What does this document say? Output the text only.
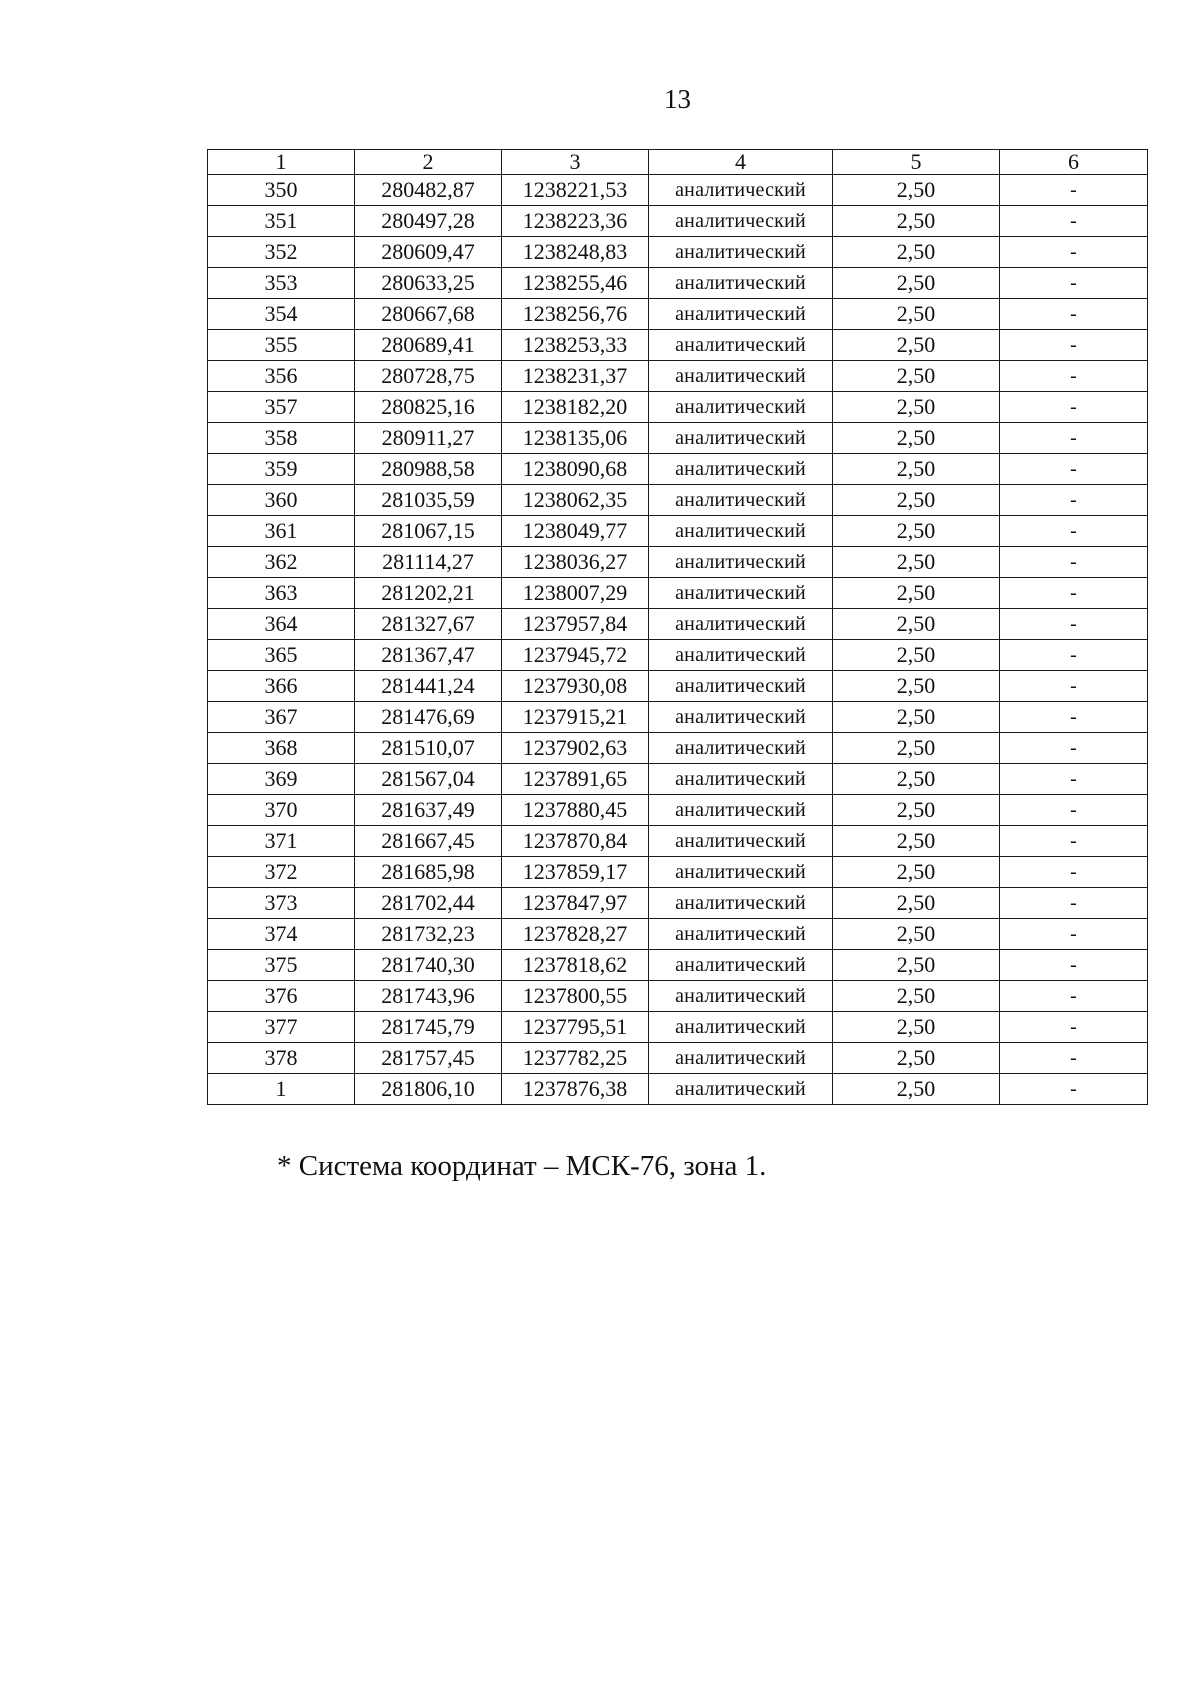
13
1	2	3	4	5	6
350	280482,87	1238221,53	аналитический	2,50	-
351	280497,28	1238223,36	аналитический	2,50	-
352	280609,47	1238248,83	аналитический	2,50	-
353	280633,25	1238255,46	аналитический	2,50	-
354	280667,68	1238256,76	аналитический	2,50	-
355	280689,41	1238253,33	аналитический	2,50	-
356	280728,75	1238231,37	аналитический	2,50	-
357	280825,16	1238182,20	аналитический	2,50	-
358	280911,27	1238135,06	аналитический	2,50	-
359	280988,58	1238090,68	аналитический	2,50	-
360	281035,59	1238062,35	аналитический	2,50	-
361	281067,15	1238049,77	аналитический	2,50	-
362	281114,27	1238036,27	аналитический	2,50	-
363	281202,21	1238007,29	аналитический	2,50	-
364	281327,67	1237957,84	аналитический	2,50	-
365	281367,47	1237945,72	аналитический	2,50	-
366	281441,24	1237930,08	аналитический	2,50	-
367	281476,69	1237915,21	аналитический	2,50	-
368	281510,07	1237902,63	аналитический	2,50	-
369	281567,04	1237891,65	аналитический	2,50	-
370	281637,49	1237880,45	аналитический	2,50	-
371	281667,45	1237870,84	аналитический	2,50	-
372	281685,98	1237859,17	аналитический	2,50	-
373	281702,44	1237847,97	аналитический	2,50	-
374	281732,23	1237828,27	аналитический	2,50	-
375	281740,30	1237818,62	аналитический	2,50	-
376	281743,96	1237800,55	аналитический	2,50	-
377	281745,79	1237795,51	аналитический	2,50	-
378	281757,45	1237782,25	аналитический	2,50	-
1	281806,10	1237876,38	аналитический	2,50	-
* Система координат – МСК-76, зона 1.
